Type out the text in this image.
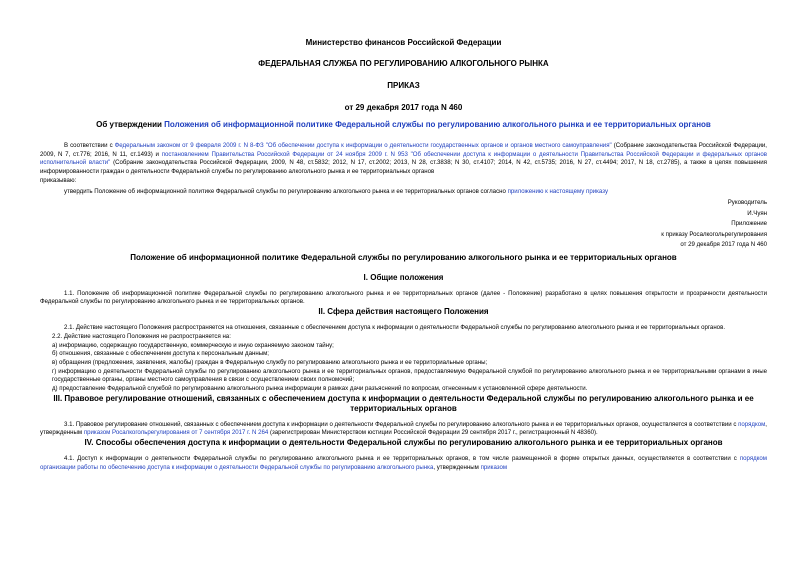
Министерство финансов Российской Федерации
ФЕДЕРАЛЬНАЯ СЛУЖБА ПО РЕГУЛИРОВАНИЮ АЛКОГОЛЬНОГО РЫНКА
ПРИКАЗ
от 29 декабря 2017 года N 460
Об утверждении Положения об информационной политике Федеральной службы по регулированию алкогольного рынка и ее территориальных органов
В соответствии с Федеральным законом от 9 февраля 2009 г. N 8-ФЗ "Об обеспечении доступа к информации о деятельности государственных органов и органов местного самоуправления" (Собрание законодательства Российской Федерации, 2009, N 7, ст.776; 2016, N 11, ст.1493) и постановлением Правительства Российской Федерации от 24 ноября 2009 г. N 953 "Об обеспечении доступа к информации о деятельности Правительства Российской Федерации и федеральных органов исполнительной власти" (Собрание законодательства Российской Федерации, 2009, N 48, ст.5832; 2012, N 17, ст.2002; 2013, N 28, ст.3838; N 30, ст.4107; 2014, N 42, ст.5735; 2016, N 27, ст.4494; 2017, N 18, ст.2785), а также в целях повышения информированности граждан о деятельности Федеральной службы по регулированию алкогольного рынка и ее территориальных органов
приказываю:
утвердить Положение об информационной политике Федеральной службы по регулированию алкогольного рынка и ее территориальных органов согласно приложению к настоящему приказу
Руководитель
И.Чуян
Приложение
к приказу Росалкогольрегулирования
от 29 декабря 2017 года N 460
Положение об информационной политике Федеральной службы по регулированию алкогольного рынка и ее территориальных органов
I. Общие положения
1.1. Положение об информационной политике Федеральной службы по регулированию алкогольного рынка и ее территориальных органов (далее - Положение) разработано в целях повышения открытости и прозрачности деятельности Федеральной службы по регулированию алкогольного рынка и ее территориальных органов.
II. Сфера действия настоящего Положения
2.1. Действие настоящего Положения распространяется на отношения, связанные с обеспечением доступа к информации о деятельности Федеральной службы по регулированию алкогольного рынка и ее территориальных органов.
2.2. Действие настоящего Положения не распространяется на:
а) информацию, содержащую государственную, коммерческую и иную охраняемую законом тайну;
б) отношения, связанные с обеспечением доступа к персональным данным;
в) обращения (предложения, заявления, жалобы) граждан в Федеральную службу по регулированию алкогольного рынка и ее территориальные органы;
г) информацию о деятельности Федеральной службы по регулированию алкогольного рынка и ее территориальных органов, предоставляемую Федеральной службой по регулированию алкогольного рынка и ее территориальными органами в иные государственные органы, органы местного самоуправления в связи с осуществлением своих полномочий;
д) предоставление Федеральной службой по регулированию алкогольного рынка информации в рамках дачи разъяснений по вопросам, отнесенным к установленной сфере деятельности.
III. Правовое регулирование отношений, связанных с обеспечением доступа к информации о деятельности Федеральной службы по регулированию алкогольного рынка и ее территориальных органов
3.1. Правовое регулирование отношений, связанных с обеспечением доступа к информации о деятельности Федеральной службы по регулированию алкогольного рынка и ее территориальных органов, осуществляется в соответствии с порядком, утвержденным приказом Росалкогольрегулирования от 7 сентября 2017 г. N 264 (зарегистрирован Министерством юстиции Российской Федерации 29 сентября 2017 г., регистрационный N 48360).
IV. Способы обеспечения доступа к информации о деятельности Федеральной службы по регулированию алкогольного рынка и ее территориальных органов
4.1. Доступ к информации о деятельности Федеральной службы по регулированию алкогольного рынка и ее территориальных органов, в том числе размещенной в форме открытых данных, осуществляется в соответствии с порядком организации работы по обеспечению доступа к информации о деятельности Федеральной службы по регулированию алкогольного рынка, утвержденным приказом
